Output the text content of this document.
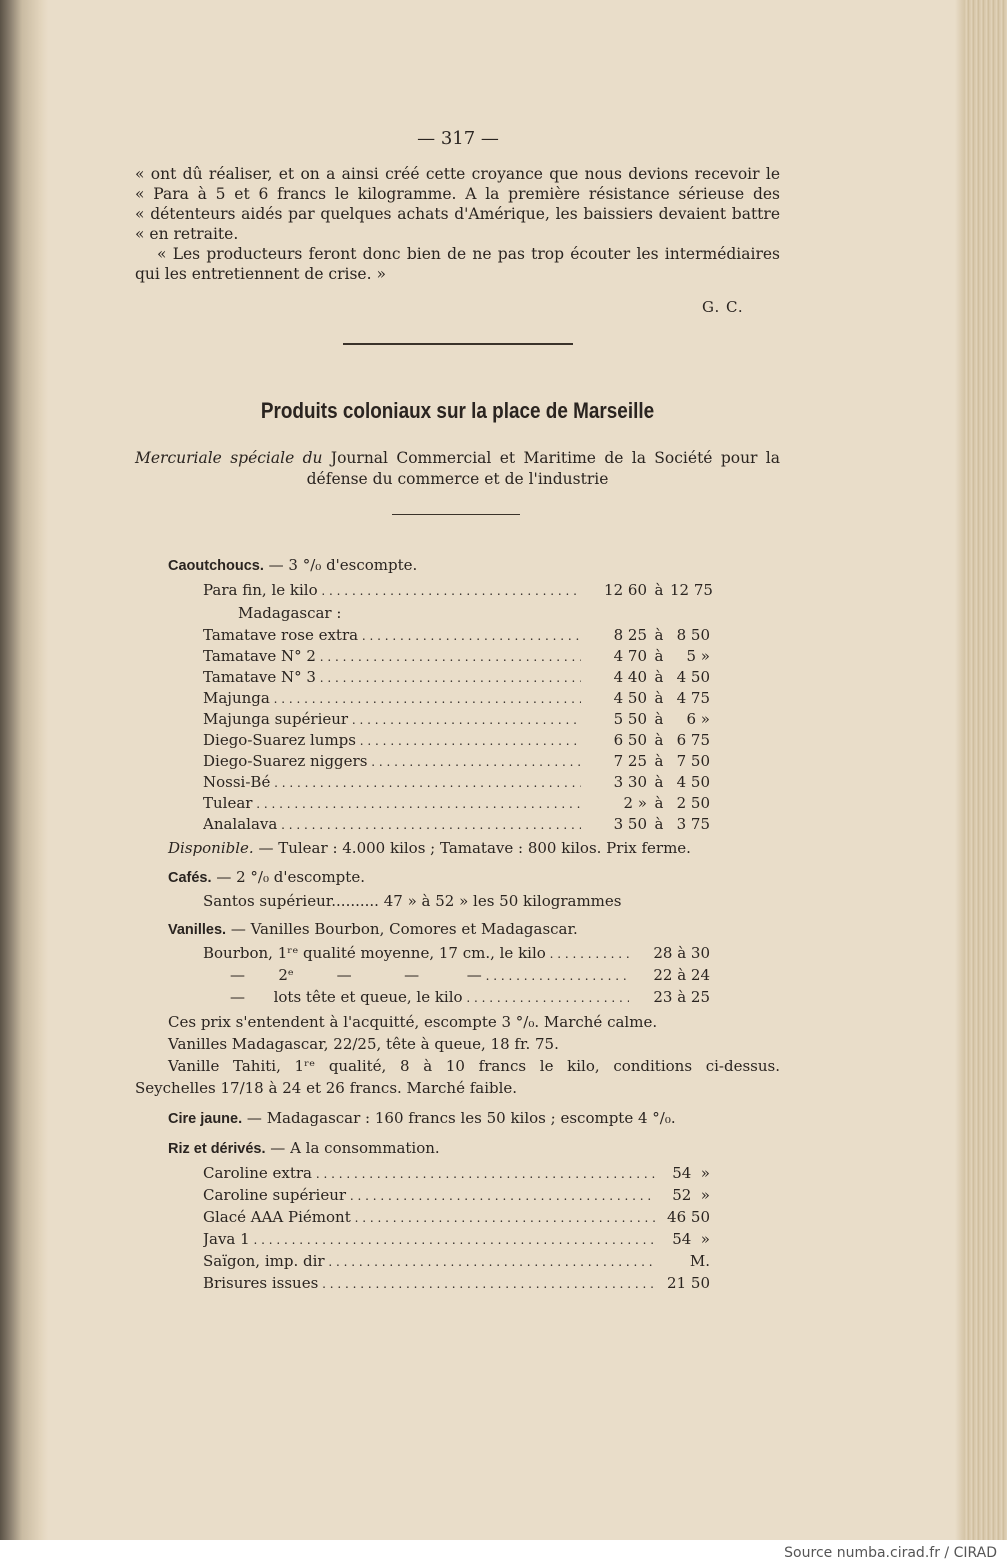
— 317 —

« ont dû réaliser, et on a ainsi créé cette croyance que nous devions recevoir le

« Para à 5 et 6 francs le kilogramme. A la première résistance sérieuse des

« détenteurs aidés par quelques achats d'Amérique, les baissiers devaient battre

« en retraite.

« Les producteurs feront donc bien de ne pas trop écouter les intermédiaires

qui les entretiennent de crise. »

G. C.
Produits coloniaux sur la place de Marseille
Mercuriale spéciale du Journal Commercial et Maritime de la Société pour la
défense du commerce et de l'industrie
Caoutchoucs. — 3 °/₀ d'escompte.
Para fin, le kilo . . .	12 60 à 12 75
Madagascar :
Tamatave rose extra . . .	8 25 à 8 50
Tamatave N° 2 . . .	4 70 à	5 »
Tamatave N° 3 . . .	4 40 à 4 50
Majunga . . .	4 50 à 4 75
Majunga supérieur . . .	5 50 à	6 »
Diego-Suarez lumps . . .	6 50 à 6 75
Diego-Suarez niggers . . .	7 25 à 7 50
Nossi-Bé . . .	3 30 à 4 50
Tulear . . .	2 » à 2 50
Analalava . . .	3 50 à 3 75
Disponible. — Tulear : 4.000 kilos ; Tamatave : 800 kilos. Prix ferme.
Cafés. — 2 °/₀ d'escompte.
Santos supérieur.......... 47 » à 52 » les 50 kilogrammes
Vanilles. — Vanilles Bourbon, Comores et Madagascar.
Bourbon, 1ʳᵉ qualité moyenne, 17 cm., le kilo . . .	28 à 30
—       2ᵉ         —           —          — . . .	22 à 24
—      lots tête et queue, le kilo . . .	23 à 25
Ces prix s'entendent à l'acquitté, escompte 3 °/₀. Marché calme.
Vanilles Madagascar, 22/25, tête à queue, 18 fr. 75.
Vanille Tahiti, 1ʳᵉ qualité, 8 à 10 francs le kilo, conditions ci-dessus.
Seychelles 17/18 à 24 et 26 francs. Marché faible.
Cire jaune. — Madagascar : 160 francs les 50 kilos ; escompte 4 °/₀.
Riz et dérivés. — A la consommation.
Caroline extra . . .	54  »
Caroline supérieur . . .	52  »
Glacé AAA Piémont . . .	46 50
Java 1 . . .	54  »
Saïgon, imp. dir . . .	M.
Brisures issues . . .	21 50
Source numba.cirad.fr / CIRAD
